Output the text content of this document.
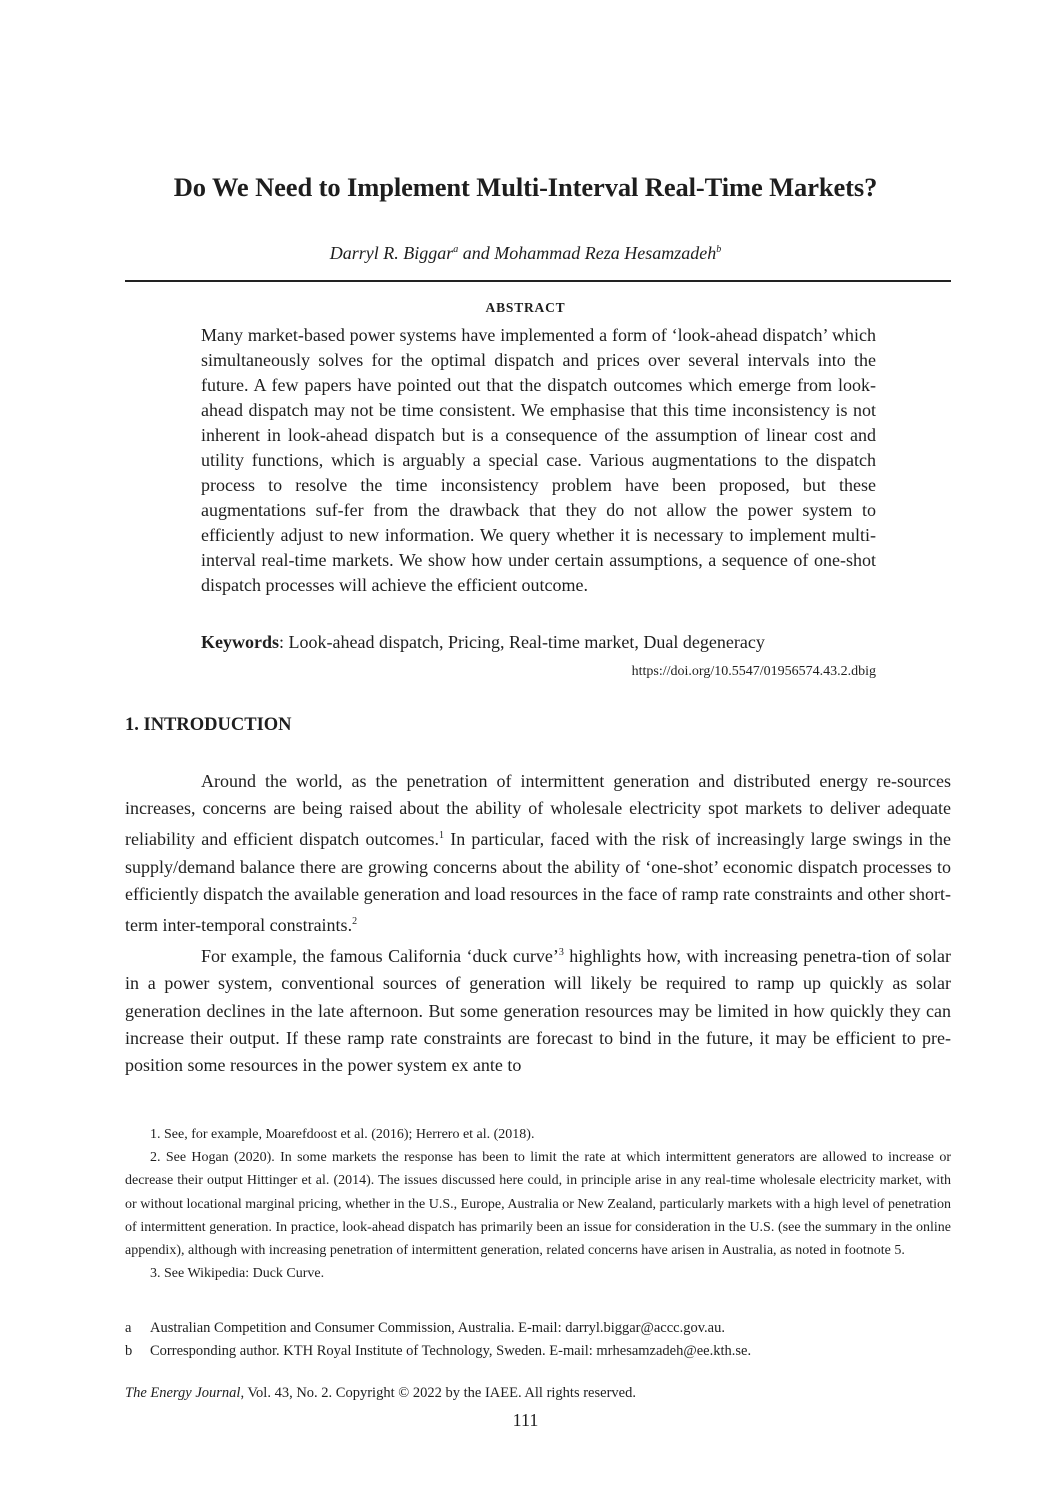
Do We Need to Implement Multi-Interval Real-Time Markets?
Darryl R. Biggar$^a$ and Mohammad Reza Hesamzadeh$^b$
ABSTRACT
Many market-based power systems have implemented a form of ‘look-ahead dispatch’ which simultaneously solves for the optimal dispatch and prices over several intervals into the future. A few papers have pointed out that the dispatch outcomes which emerge from look-ahead dispatch may not be time consistent. We emphasise that this time inconsistency is not inherent in look-ahead dispatch but is a consequence of the assumption of linear cost and utility functions, which is arguably a special case. Various augmentations to the dispatch process to resolve the time inconsistency problem have been proposed, but these augmentations suf-fer from the drawback that they do not allow the power system to efficiently adjust to new information. We query whether it is necessary to implement multi-interval real-time markets. We show how under certain assumptions, a sequence of one-shot dispatch processes will achieve the efficient outcome.
Keywords: Look-ahead dispatch, Pricing, Real-time market, Dual degeneracy
https://doi.org/10.5547/01956574.43.2.dbig
1. INTRODUCTION

Around the world, as the penetration of intermittent generation and distributed energy re-sources increases, concerns are being raised about the ability of wholesale electricity spot markets to deliver adequate reliability and efficient dispatch outcomes.$^1$ In particular, faced with the risk of increasingly large swings in the supply/demand balance there are growing concerns about the ability of ‘one-shot’ economic dispatch processes to efficiently dispatch the available generation and load resources in the face of ramp rate constraints and other short-term inter-temporal constraints.$^2$

For example, the famous California ‘duck curve’$^3$ highlights how, with increasing penetra-tion of solar in a power system, conventional sources of generation will likely be required to ramp up quickly as solar generation declines in the late afternoon. But some generation resources may be limited in how quickly they can increase their output. If these ramp rate constraints are forecast to bind in the future, it may be efficient to pre-position some resources in the power system ex ante to

1. See, for example, Moarefdoost et al. (2016); Herrero et al. (2018).

2. See Hogan (2020). In some markets the response has been to limit the rate at which intermittent generators are allowed to increase or decrease their output Hittinger et al. (2014). The issues discussed here could, in principle arise in any real-time wholesale electricity market, with or without locational marginal pricing, whether in the U.S., Europe, Australia or New Zealand, particularly markets with a high level of penetration of intermittent generation. In practice, look-ahead dispatch has primarily been an issue for consideration in the U.S. (see the summary in the online appendix), although with increasing penetration of intermittent generation, related concerns have arisen in Australia, as noted in footnote 5.

3. See Wikipedia: Duck Curve.

a	Australian Competition and Consumer Commission, Australia. E-mail: darryl.biggar@accc.gov.au.
b	Corresponding author. KTH Royal Institute of Technology, Sweden. E-mail: mrhesamzadeh@ee.kth.se.
The Energy Journal, Vol. 43, No. 2. Copyright © 2022 by the IAEE. All rights reserved.
111
